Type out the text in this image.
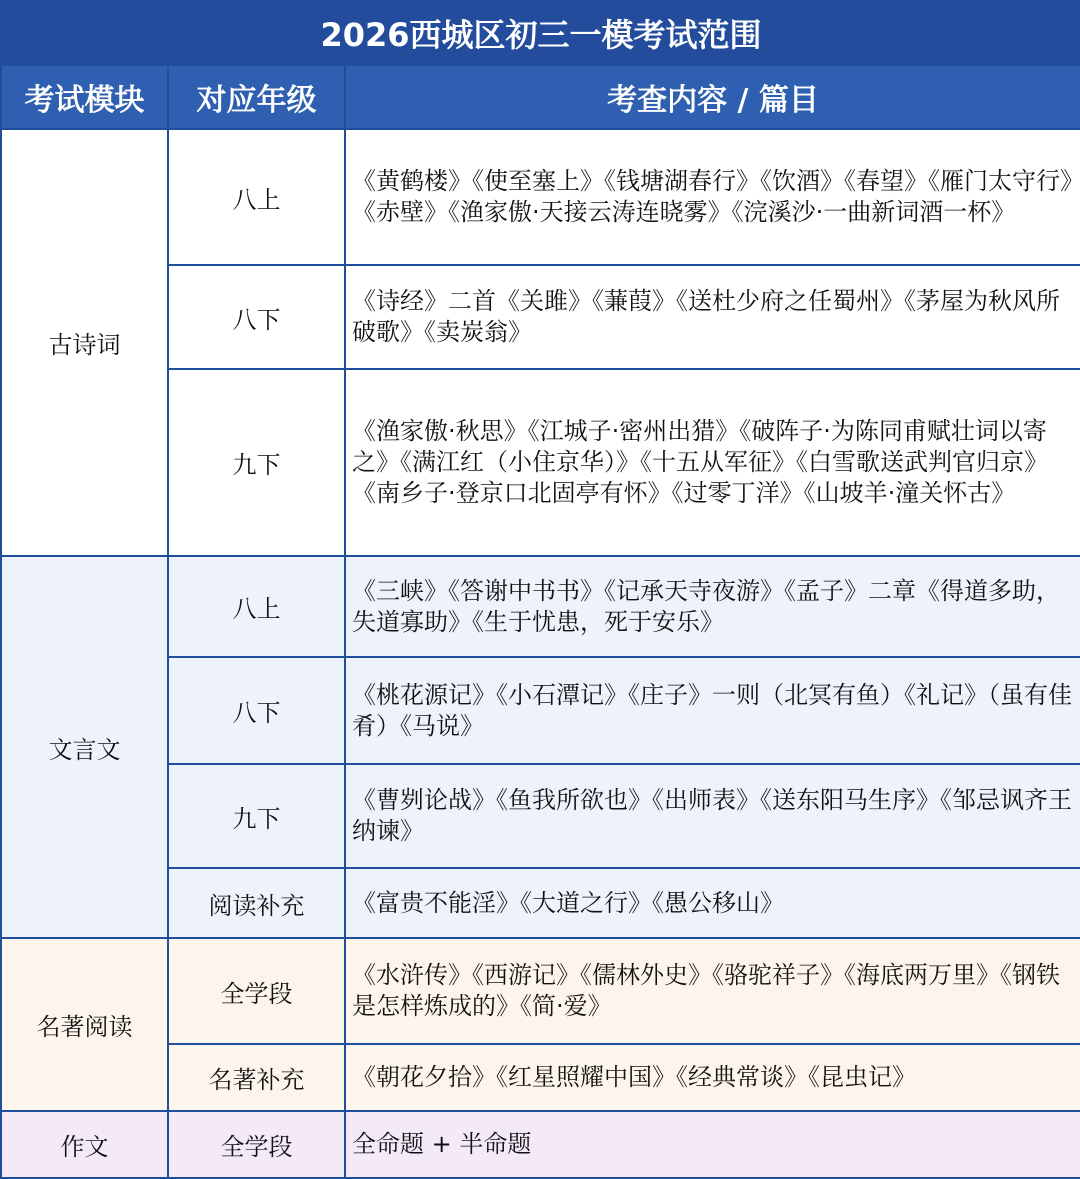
2026西城区初三一模考试范围		
考试模块	对应年级	考查内容 / 篇目
古诗词	八上	《黄鹤楼》《使至塞上》《钱塘湖春行》《饮酒》《春望》《雁门太守行》《赤壁》《渔家傲·天接云涛连晓雾》《浣溪沙·一曲新词酒一杯》
	八下	《诗经》二首《关雎》《蒹葭》《送杜少府之任蜀州》《茅屋为秋风所破歌》《卖炭翁》
	九下	《渔家傲·秋思》《江城子·密州出猎》《破阵子·为陈同甫赋壮词以寄之》《满江红（小住京华）》《十五从军征》《白雪歌送武判官归京》《南乡子·登京口北固亭有怀》《过零丁洋》《山坡羊·潼关怀古》
文言文	八上	《三峡》《答谢中书书》《记承天寺夜游》《孟子》二章《得道多助，失道寡助》《生于忧患，死于安乐》
	八下	《桃花源记》《小石潭记》《庄子》一则（北冥有鱼）《礼记》（虽有佳肴）《马说》
	九下	《曹刿论战》《鱼我所欲也》《出师表》《送东阳马生序》《邹忌讽齐王纳谏》
	阅读补充	《富贵不能淫》《大道之行》《愚公移山》
名著阅读	全学段	《水浒传》《西游记》《儒林外史》《骆驼祥子》《海底两万里》《钢铁是怎样炼成的》《简·爱》
	名著补充	《朝花夕拾》《红星照耀中国》《经典常谈》《昆虫记》
作文	全学段	全命题 + 半命题
